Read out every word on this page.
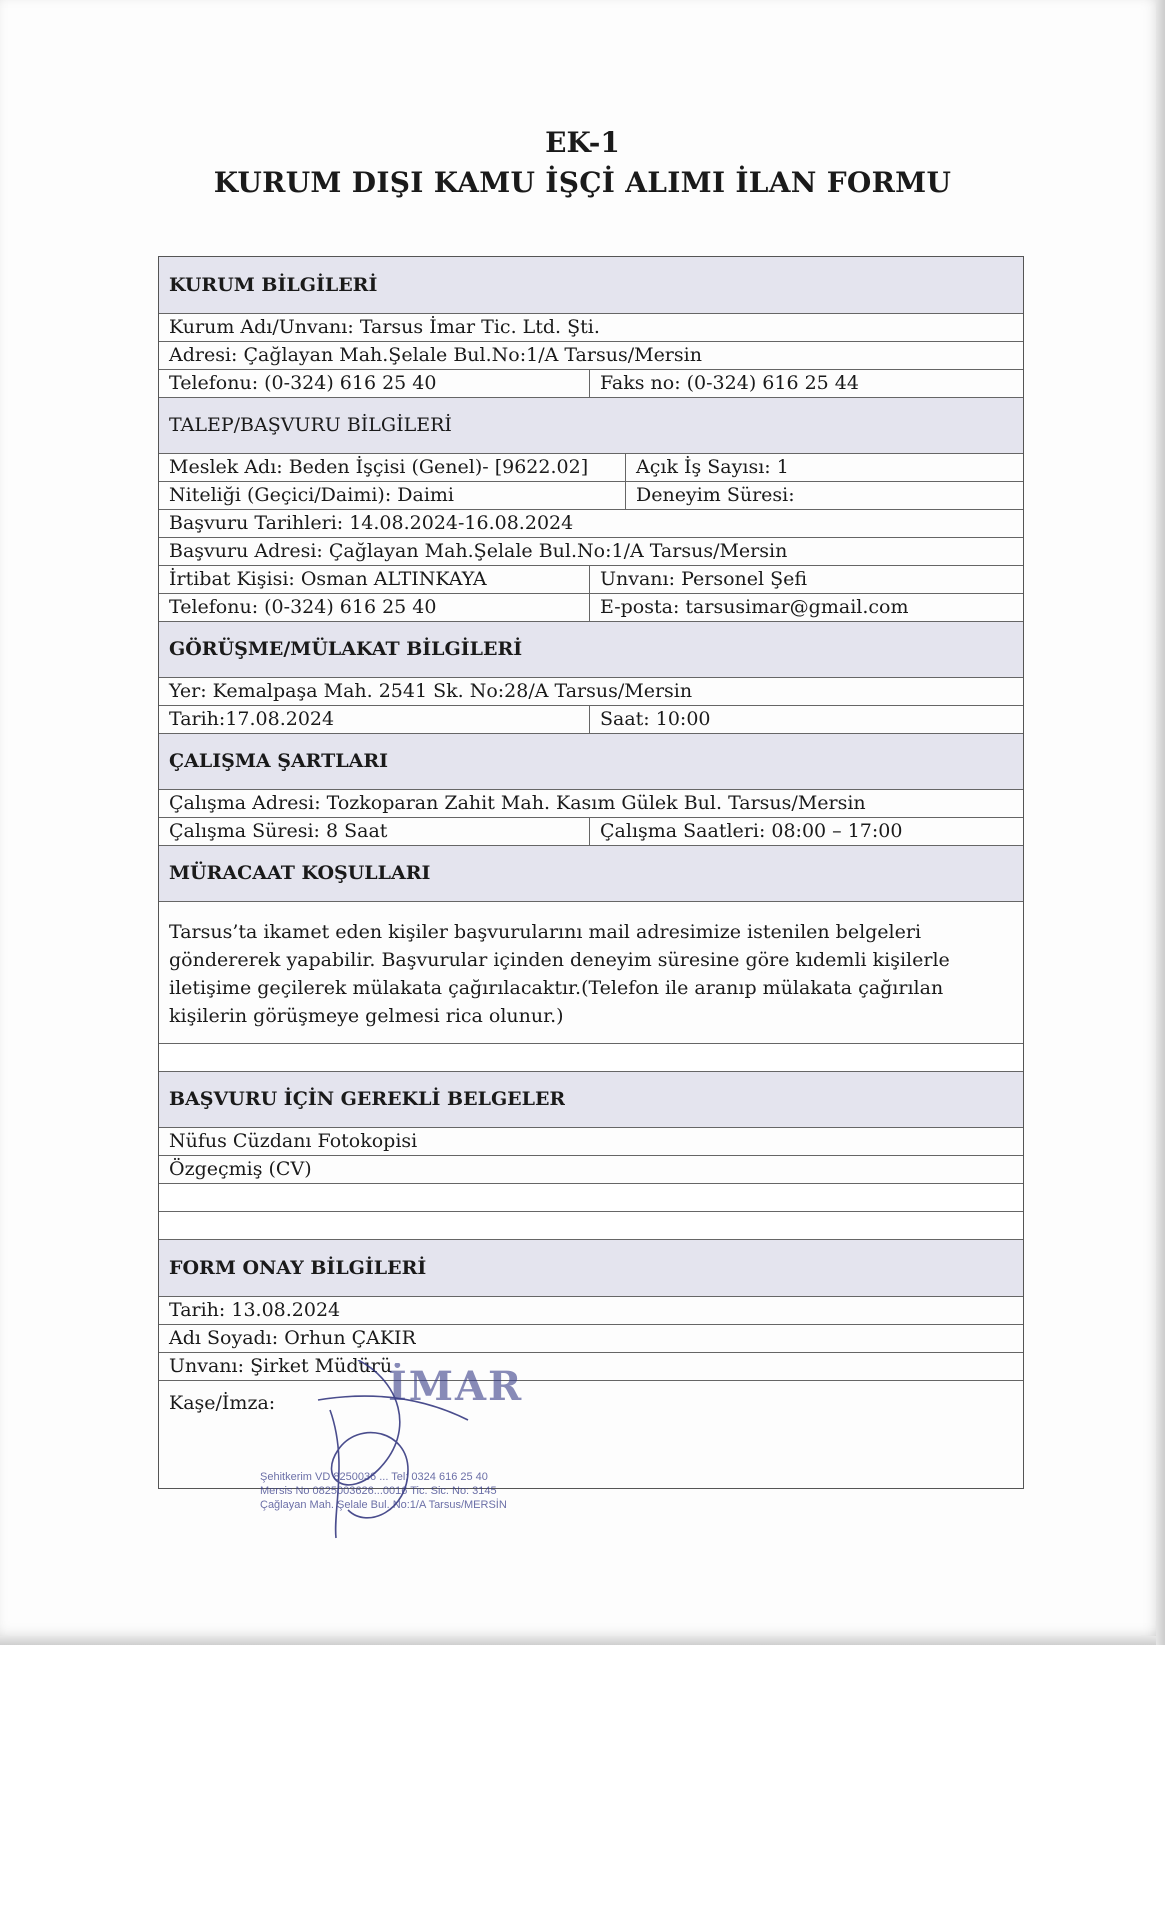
EK-1
KURUM DIŞI KAMU İŞÇİ ALIMI İLAN FORMU
KURUM BİLGİLERİ
Kurum Adı/Unvanı: Tarsus İmar Tic. Ltd. Şti.
Adresi: Çağlayan Mah.Şelale Bul.No:1/A Tarsus/Mersin
Telefonu: (0-324) 616 25 40	Faks no: (0-324) 616 25 44
TALEP/BAŞVURU BİLGİLERİ
Meslek Adı: Beden İşçisi (Genel)- [9622.02]	Açık İş Sayısı: 1
Niteliği (Geçici/Daimi): Daimi	Deneyim Süresi:
Başvuru Tarihleri: 14.08.2024-16.08.2024
Başvuru Adresi: Çağlayan Mah.Şelale Bul.No:1/A Tarsus/Mersin
İrtibat Kişisi: Osman ALTINKAYA	Unvanı: Personel Şefi
Telefonu: (0-324) 616 25 40	E-posta: tarsusimar@gmail.com
GÖRÜŞME/MÜLAKAT BİLGİLERİ
Yer: Kemalpaşa Mah. 2541 Sk. No:28/A Tarsus/Mersin
Tarih:17.08.2024	Saat: 10:00
ÇALIŞMA ŞARTLARI
Çalışma Adresi: Tozkoparan Zahit Mah. Kasım Gülek Bul. Tarsus/Mersin
Çalışma Süresi: 8 Saat	Çalışma Saatleri: 08:00 – 17:00
MÜRACAAT KOŞULLARI
Tarsus’ta ikamet eden kişiler başvurularını mail adresimize istenilen belgeleri göndererek yapabilir. Başvurular içinden deneyim süresine göre kıdemli kişilerle iletişime geçilerek mülakata çağırılacaktır.(Telefon ile aranıp mülakata çağırılan kişilerin görüşmeye gelmesi rica olunur.)
BAŞVURU İÇİN GEREKLİ BELGELER
Nüfus Cüzdanı Fotokopisi
Özgeçmiş (CV)
FORM ONAY BİLGİLERİ
Tarih: 13.08.2024
Adı Soyadı: Orhun ÇAKIR
Unvanı: Şirket Müdürü
Kaşe/İmza:	İMAR
Şehitkerim VD 8250036 ... Tel: 0324 616 25 40
Mersis No 0825003626...0016 Tic. Sic. No: 3145
Çağlayan Mah. Şelale Bul. No:1/A Tarsus/MERSİN
